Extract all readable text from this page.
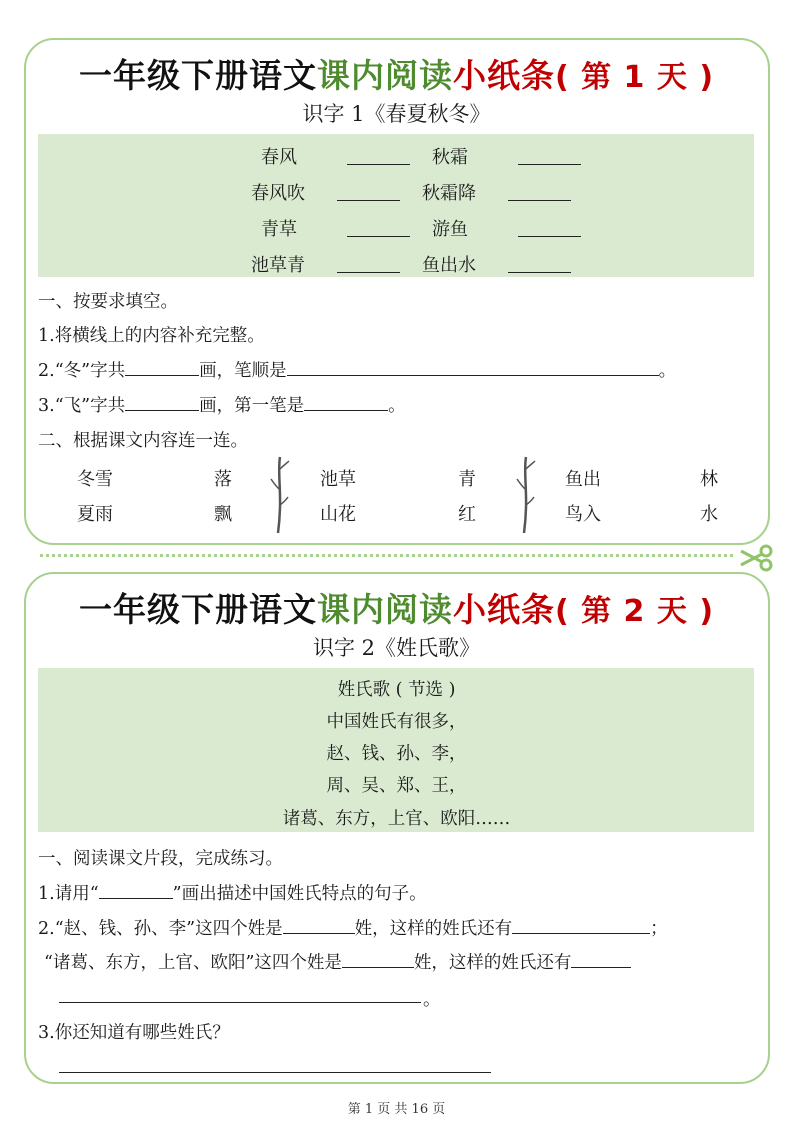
一年级下册语文课内阅读小纸条( 第 1 天 )
识字 1《春夏秋冬》
春风	秋霜
春风吹	秋霜降
青草	游鱼
池草青	鱼出水
一、按要求填空。
1.将横线上的内容补充完整。
2.“冬”字共	画，笔顺是	。
3.“飞”字共	画，第一笔是	。
二、根据课文内容连一连。
冬雪	落	池草	青	鱼出	林
夏雨	飘	山花	红	鸟入	水
一年级下册语文课内阅读小纸条( 第 2 天 )
识字 2《姓氏歌》
姓氏歌 ( 节选 )
中国姓氏有很多，
赵、钱、孙、李，
周、吴、郑、王，
诸葛、东方，上官、欧阳……
一、阅读课文片段，完成练习。
1.请用“	”画出描述中国姓氏特点的句子。
2.“赵、钱、孙、李”这四个姓是	姓，这样的姓氏还有	；
“诸葛、东方，上官、欧阳”这四个姓是	姓，这样的姓氏还有
。
3.你还知道有哪些姓氏？
第 1 页 共 16 页
